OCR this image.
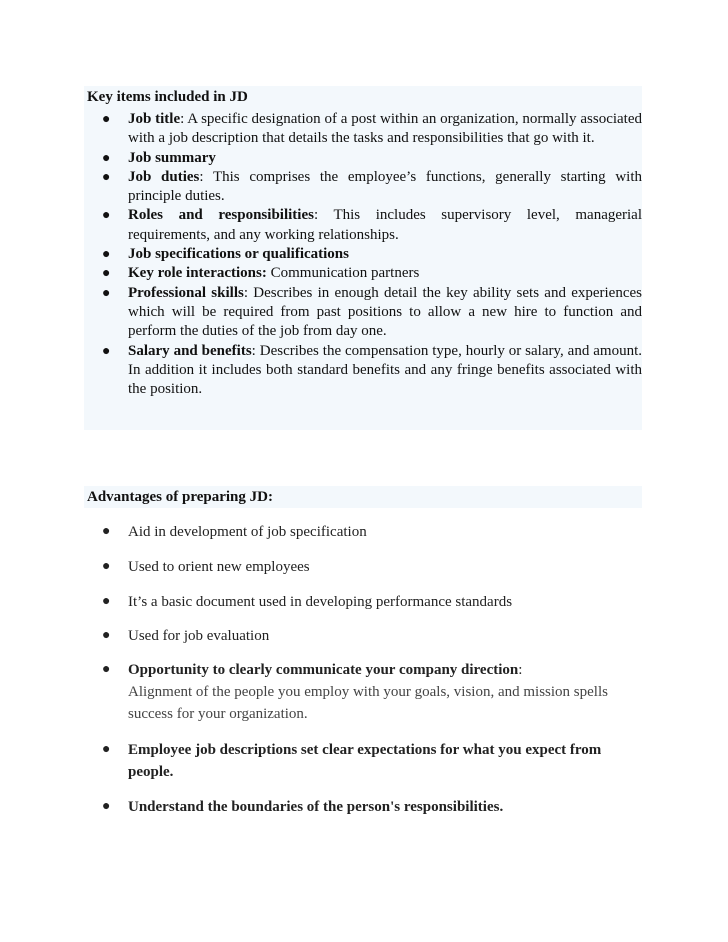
Key items included in JD
● Job title: A specific designation of a post within an organization, normally associated with a job description that details the tasks and responsibilities that go with it.
● Job summary
● Job duties: This comprises the employee’s functions, generally starting with principle duties.
● Roles and responsibilities: This includes supervisory level, managerial requirements, and any working relationships.
● Job specifications or qualifications
● Key role interactions: Communication partners
● Professional skills: Describes in enough detail the key ability sets and experiences which will be required from past positions to allow a new hire to function and perform the duties of the job from day one.
● Salary and benefits: Describes the compensation type, hourly or salary, and amount. In addition it includes both standard benefits and any fringe benefits associated with the position.
Advantages of preparing JD:
● Aid in development of job specification
● Used to orient new employees
● It’s a basic document used in developing performance standards
● Used for job evaluation
● Opportunity to clearly communicate your company direction:
Alignment of the people you employ with your goals, vision, and mission spells success for your organization.
● Employee job descriptions set clear expectations for what you expect from people.
● Understand the boundaries of the person's responsibilities.
